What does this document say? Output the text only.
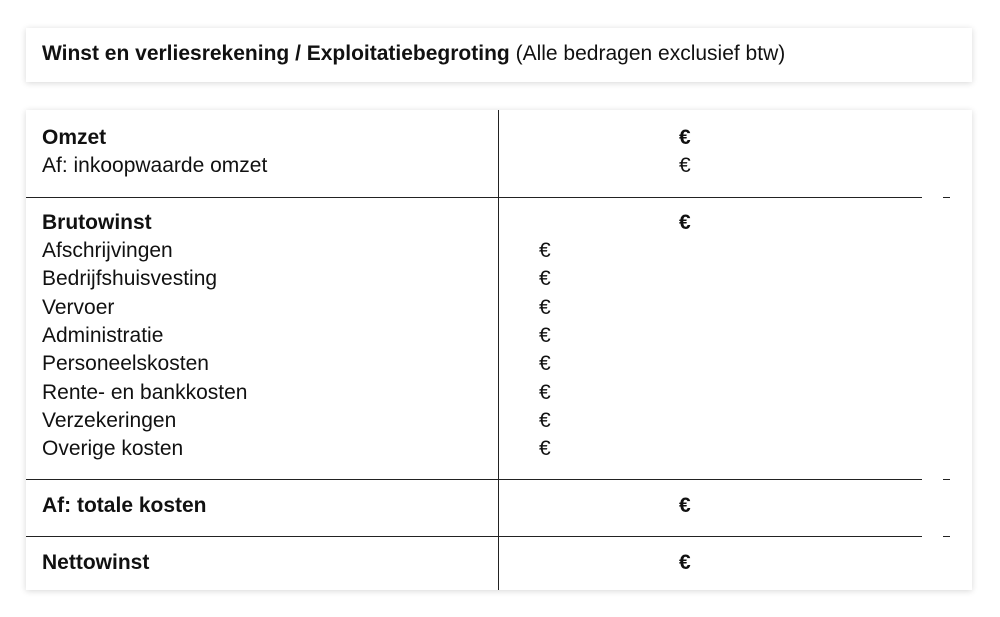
Winst en verliesrekening / Exploitatiebegroting (Alle bedragen exclusief btw)
Omzet	€
Af: inkoopwaarde omzet	€
Brutowinst	€
Afschrijvingen	€
Bedrijfshuisvesting	€
Vervoer	€
Administratie	€
Personeelskosten	€
Rente- en bankkosten	€
Verzekeringen	€
Overige kosten	€
Af: totale kosten	€
Nettowinst	€
